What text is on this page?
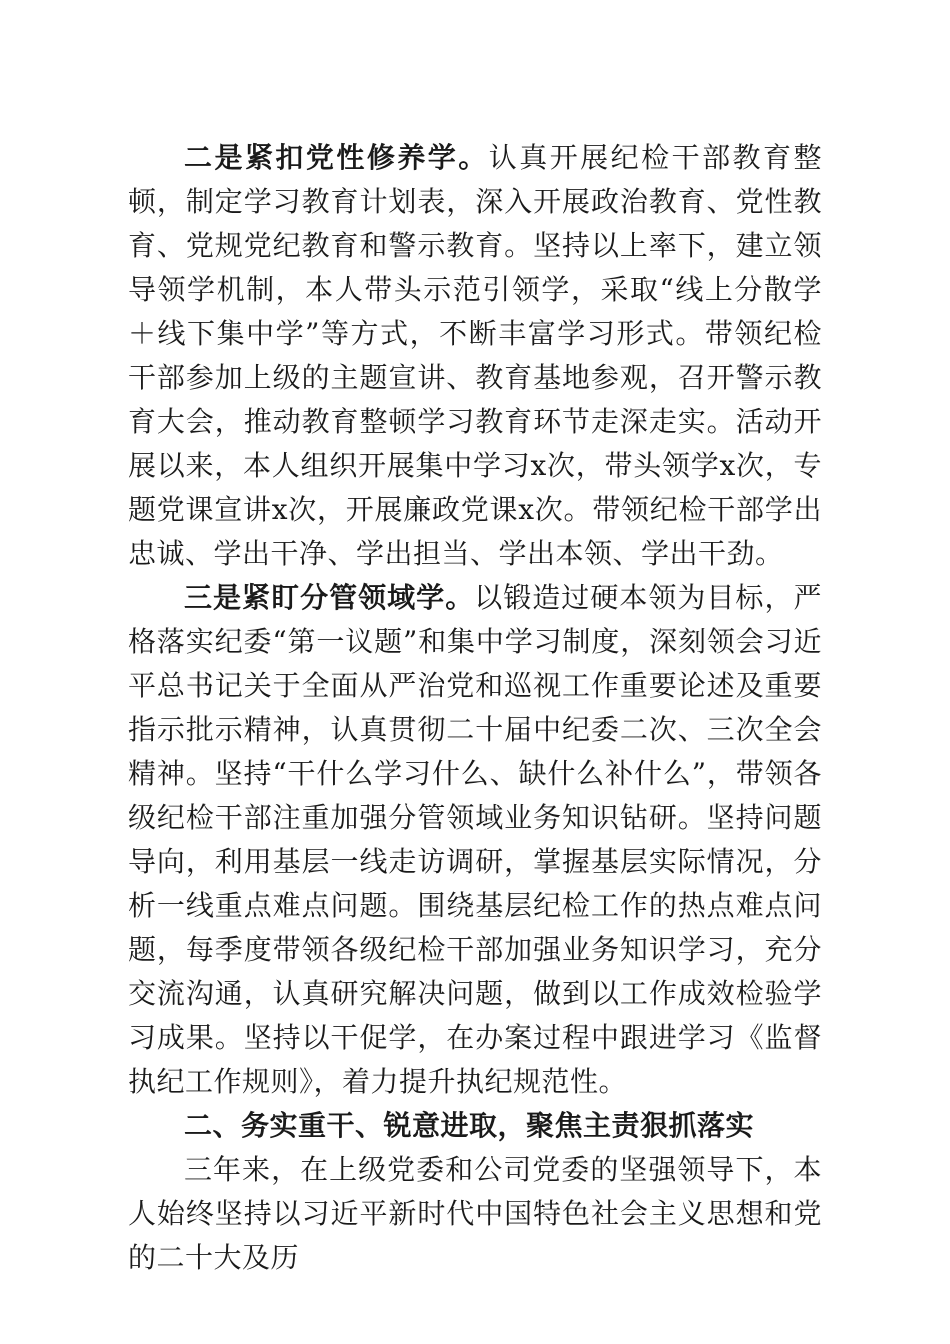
二是紧扣党性修养学。认真开展纪检干部教育整顿，制定学习教育计划表，深入开展政治教育、党性教育、党规党纪教育和警示教育。坚持以上率下，建立领导领学机制，本人带头示范引领学，采取“线上分散学＋线下集中学”等方式，不断丰富学习形式。带领纪检干部参加上级的主题宣讲、教育基地参观，召开警示教育大会，推动教育整顿学习教育环节走深走实。活动开展以来，本人组织开展集中学习x次，带头领学x次，专题党课宣讲x次，开展廉政党课x次。带领纪检干部学出忠诚、学出干净、学出担当、学出本领、学出干劲。

三是紧盯分管领域学。以锻造过硬本领为目标，严格落实纪委“第一议题”和集中学习制度，深刻领会习近平总书记关于全面从严治党和巡视工作重要论述及重要指示批示精神，认真贯彻二十届中纪委二次、三次全会精神。坚持“干什么学习什么、缺什么补什么”，带领各级纪检干部注重加强分管领域业务知识钻研。坚持问题导向，利用基层一线走访调研，掌握基层实际情况，分析一线重点难点问题。围绕基层纪检工作的热点难点问题，每季度带领各级纪检干部加强业务知识学习，充分交流沟通，认真研究解决问题，做到以工作成效检验学习成果。坚持以干促学，在办案过程中跟进学习《监督执纪工作规则》，着力提升执纪规范性。

二、务实重干、锐意进取，聚焦主责狠抓落实

三年来，在上级党委和公司党委的坚强领导下，本人始终坚持以习近平新时代中国特色社会主义思想和党的二十大及历
